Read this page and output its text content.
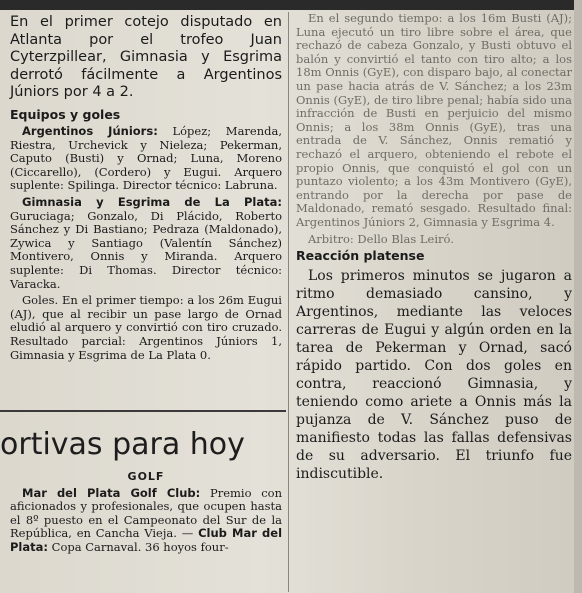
En el primer cotejo disputado en Atlanta por el trofeo Juan Cyterzpillear, Gimnasia y Esgrima derrotó fácilmente a Argentinos Júniors por 4 a 2.

Equipos y goles

Argentinos Júniors: López; Marenda, Riestra, Urchevick y Nieleza; Pekerman, Caputo (Busti) y Ornad; Luna, Moreno (Ciccarello), (Cordero) y Eugui. Arquero suplente: Spilinga. Director técnico: Labruna.

Gimnasia y Esgrima de La Plata: Guruciaga; Gonzalo, Di Plácido, Roberto Sánchez y Di Bastiano; Pedraza (Maldonado), Zywica y Santiago (Valentín Sánchez) Montivero, Onnis y Miranda. Arquero suplente: Di Thomas. Director técnico: Varacka.

Goles. En el primer tiempo: a los 26m Eugui (AJ), que al recibir un pase largo de Ornad eludió al arquero y convirtió con tiro cruzado. Resultado parcial: Argentinos Júniors 1, Gimnasia y Esgrima de La Plata 0.

ortivas para hoy
GOLF

Mar del Plata Golf Club: Premio con aficionados y profesionales, que ocupen hasta el 8º puesto en el Campeonato del Sur de la República, en Cancha Vieja. — Club Mar del Plata: Copa Carnaval. 36 hoyos four-

En el segundo tiempo: a los 16m Busti (AJ); Luna ejecutó un tiro libre sobre el área, que rechazó de cabeza Gonzalo, y Busti obtuvo el balón y convirtió el tanto con tiro alto; a los 18m Onnis (GyE), con disparo bajo, al conectar un pase hacia atrás de V. Sánchez; a los 23m Onnis (GyE), de tiro libre penal; había sido una infracción de Busti en perjuicio del mismo Onnis; a los 38m Onnis (GyE), tras una entrada de V. Sánchez, Onnis rematió y rechazó el arquero, obteniendo el rebote el propio Onnis, que conquistó el gol con un puntazo violento; a los 43m Montivero (GyE), entrando por la derecha por pase de Maldonado, remató sesgado. Resultado final: Argentinos Júniors 2, Gimnasia y Esgrima 4.

Arbitro: Dello Blas Leiró.

Reacción platense

Los primeros minutos se jugaron a ritmo demasiado cansino, y Argentinos, mediante las veloces carreras de Eugui y algún orden en la tarea de Pekerman y Ornad, sacó rápido partido. Con dos goles en contra, reaccionó Gimnasia, y teniendo como ariete a Onnis más la pujanza de V. Sánchez puso de manifiesto todas las fallas defensivas de su adversario. El triunfo fue indiscutible.
